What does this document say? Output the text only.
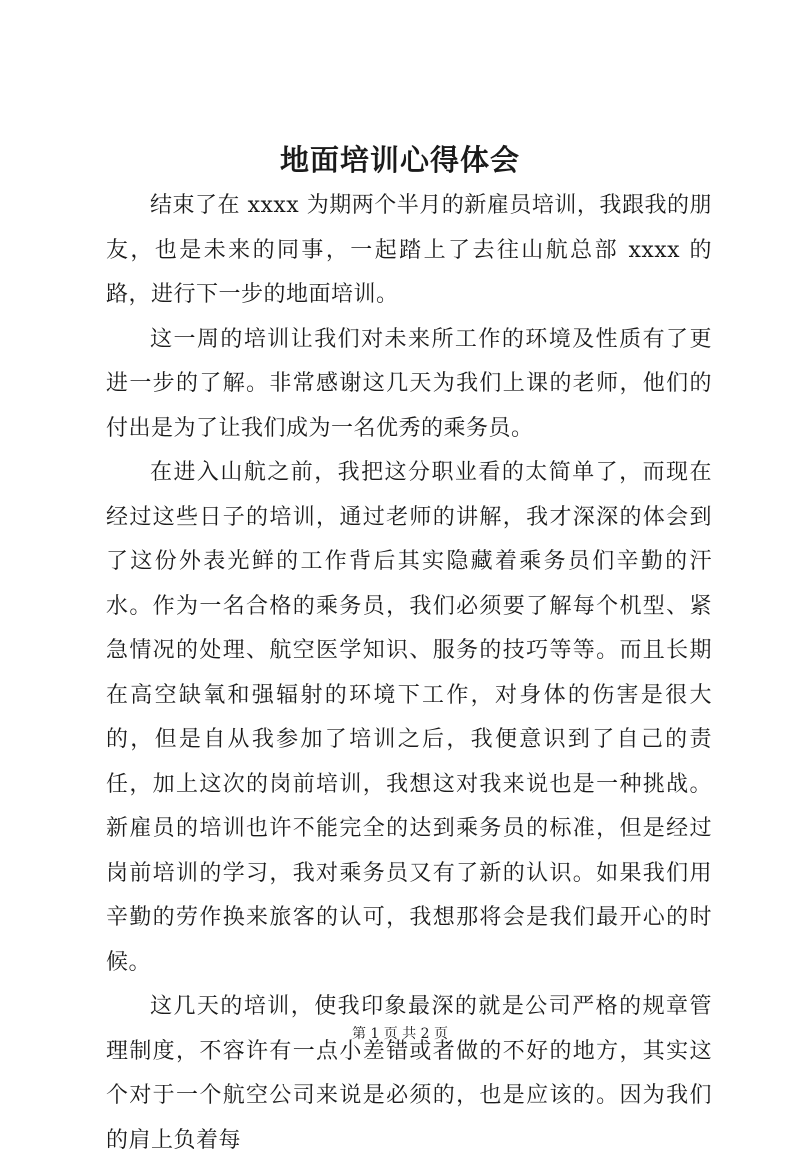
地面培训心得体会

结束了在 xxxx 为期两个半月的新雇员培训，我跟我的朋友，也是未来的同事，一起踏上了去往山航总部 xxxx 的路，进行下一步的地面培训。

这一周的培训让我们对未来所工作的环境及性质有了更进一步的了解。非常感谢这几天为我们上课的老师，他们的付出是为了让我们成为一名优秀的乘务员。

在进入山航之前，我把这分职业看的太简单了，而现在经过这些日子的培训，通过老师的讲解，我才深深的体会到了这份外表光鲜的工作背后其实隐藏着乘务员们辛勤的汗水。作为一名合格的乘务员，我们必须要了解每个机型、紧急情况的处理、航空医学知识、服务的技巧等等。而且长期在高空缺氧和强辐射的环境下工作，对身体的伤害是很大的，但是自从我参加了培训之后，我便意识到了自己的责任，加上这次的岗前培训，我想这对我来说也是一种挑战。新雇员的培训也许不能完全的达到乘务员的标准，但是经过岗前培训的学习，我对乘务员又有了新的认识。如果我们用辛勤的劳作换来旅客的认可，我想那将会是我们最开心的时候。

这几天的培训，使我印象最深的就是公司严格的规章管理制度，不容许有一点小差错或者做的不好的地方，其实这个对于一个航空公司来说是必须的，也是应该的。因为我们的肩上负着每

第 1 页 共 2 页
